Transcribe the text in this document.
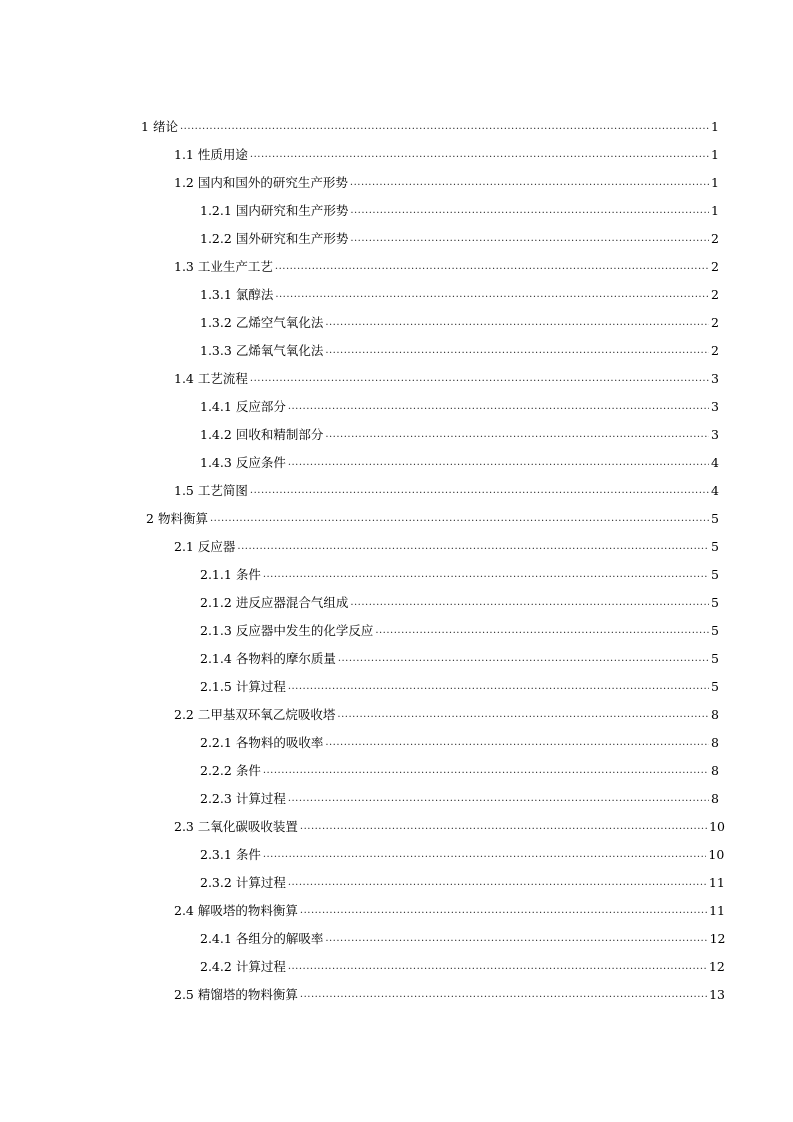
1 绪论 .....	1
1.1 性质用途 .....	1
1.2 国内和国外的研究生产形势 .....	1
1.2.1 国内研究和生产形势 .....	1
1.2.2 国外研究和生产形势 .....	2
1.3 工业生产工艺 .....	2
1.3.1 氯醇法 .....	2
1.3.2 乙烯空气氧化法 .....	2
1.3.3 乙烯氧气氧化法 .....	2
1.4 工艺流程 .....	3
1.4.1 反应部分 .....	3
1.4.2 回收和精制部分 .....	3
1.4.3 反应条件 .....	4
1.5 工艺简图 .....	4
2 物料衡算 .....	5
2.1 反应器 .....	5
2.1.1 条件 .....	5
2.1.2 进反应器混合气组成 .....	5
2.1.3 反应器中发生的化学反应 .....	5
2.1.4 各物料的摩尔质量 .....	5
2.1.5 计算过程 .....	5
2.2 二甲基双环氧乙烷吸收塔 .....	8
2.2.1 各物料的吸收率 .....	8
2.2.2 条件 .....	8
2.2.3 计算过程 .....	8
2.3 二氧化碳吸收装置 .....	10
2.3.1 条件 .....	10
2.3.2 计算过程 .....	11
2.4 解吸塔的物料衡算 .....	11
2.4.1 各组分的解吸率 .....	12
2.4.2 计算过程 .....	12
2.5 精馏塔的物料衡算 .....	13
